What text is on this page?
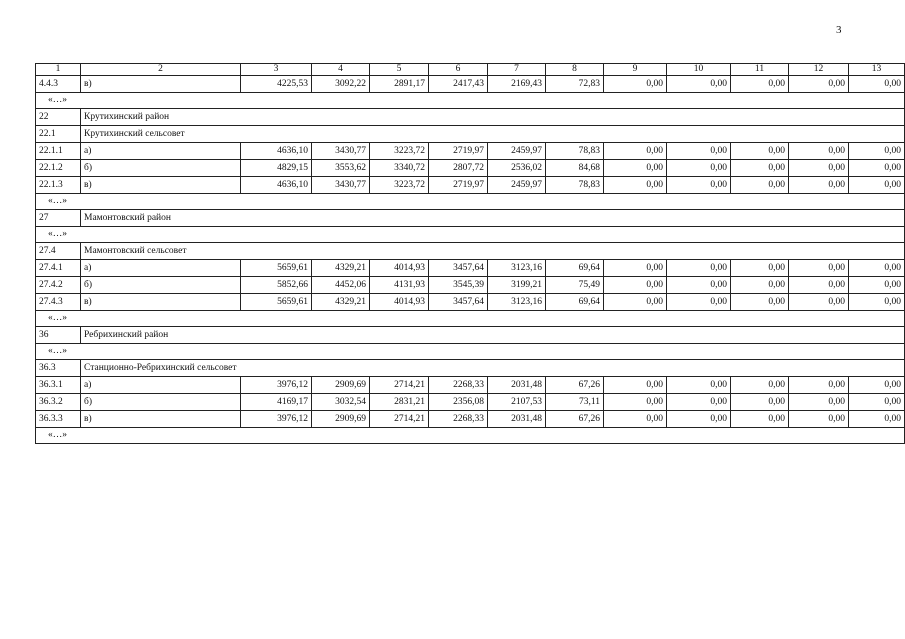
3
1	2	3	4	5	6	7	8	9	10	11	12	13
4.4.3	в)	4225,53	3092,22	2891,17	2417,43	2169,43	72,83	0,00	0,00	0,00	0,00	0,00
«…»												
22	Крутихинский район											
22.1	Крутихинский сельсовет											
22.1.1	а)	4636,10	3430,77	3223,72	2719,97	2459,97	78,83	0,00	0,00	0,00	0,00	0,00
22.1.2	б)	4829,15	3553,62	3340,72	2807,72	2536,02	84,68	0,00	0,00	0,00	0,00	0,00
22.1.3	в)	4636,10	3430,77	3223,72	2719,97	2459,97	78,83	0,00	0,00	0,00	0,00	0,00
«…»												
27	Мамонтовский район											
«…»												
27.4	Мамонтовский сельсовет											
27.4.1	а)	5659,61	4329,21	4014,93	3457,64	3123,16	69,64	0,00	0,00	0,00	0,00	0,00
27.4.2	б)	5852,66	4452,06	4131,93	3545,39	3199,21	75,49	0,00	0,00	0,00	0,00	0,00
27.4.3	в)	5659,61	4329,21	4014,93	3457,64	3123,16	69,64	0,00	0,00	0,00	0,00	0,00
«…»												
36	Ребрихинский район											
«…»												
36.3	Станционно-Ребрихинский сельсовет											
36.3.1	а)	3976,12	2909,69	2714,21	2268,33	2031,48	67,26	0,00	0,00	0,00	0,00	0,00
36.3.2	б)	4169,17	3032,54	2831,21	2356,08	2107,53	73,11	0,00	0,00	0,00	0,00	0,00
36.3.3	в)	3976,12	2909,69	2714,21	2268,33	2031,48	67,26	0,00	0,00	0,00	0,00	0,00
«…»												
